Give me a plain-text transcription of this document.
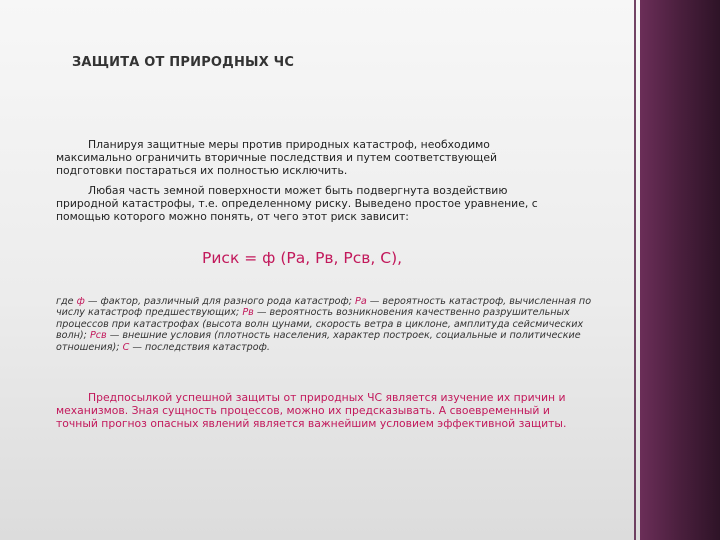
ЗАЩИТА ОТ ПРИРОДНЫХ ЧС

Планируя защитные меры против природных катастроф, необходимо максимально ограничить вторичные последствия и путем соответствующей подготовки постараться их полностью исключить.

Любая часть земной поверхности может быть подвергнута воздействию природной катастрофы, т.е. определенному риску. Выведено простое уравнение, с помощью которого можно понять, от чего этот риск зависит:

Риск = ф (Ра, Рв, Рсв, С),
где ф — фактор, различный для разного рода катастроф; Ра — вероятность катастроф, вычисленная по числу катастроф предшествующих; Рв — вероятность возникновения качественно разрушительных процессов при катастрофах (высота волн цунами, скорость ветра в циклоне, амплитуда сейсмических волн); Рсв — внешние условия (плотность населения, характер построек, социальные и политические отношения); С — последствия катастроф.

Предпосылкой успешной защиты от природных ЧС является изучение их причин и механизмов. Зная сущность процессов, можно их предсказывать. А своевременный и точный прогноз опасных явлений является важнейшим условием эффективной защиты.
